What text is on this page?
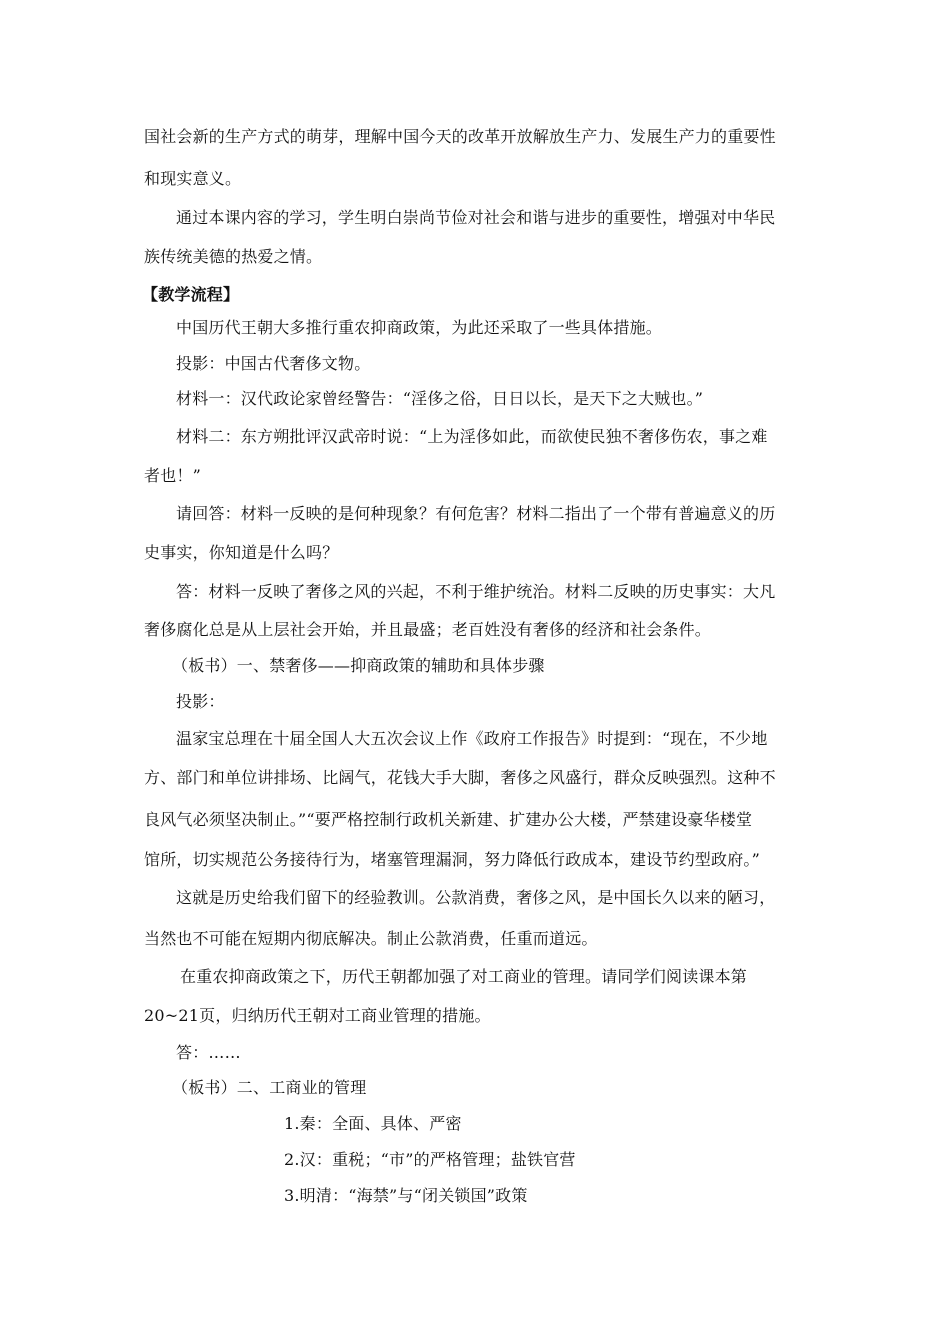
国社会新的生产方式的萌芽，理解中国今天的改革开放解放生产力、发展生产力的重要性
和现实意义。
通过本课内容的学习，学生明白崇尚节俭对社会和谐与进步的重要性，增强对中华民
族传统美德的热爱之情。
【教学流程】
中国历代王朝大多推行重农抑商政策，为此还采取了一些具体措施。
投影：中国古代奢侈文物。
材料一：汉代政论家曾经警告：“淫侈之俗，日日以长，是天下之大贼也。”
材料二：东方朔批评汉武帝时说：“上为淫侈如此，而欲使民独不奢侈伤农，事之难
者也！”
请回答：材料一反映的是何种现象？有何危害？材料二指出了一个带有普遍意义的历
史事实，你知道是什么吗？
答：材料一反映了奢侈之风的兴起，不利于维护统治。材料二反映的历史事实：大凡
奢侈腐化总是从上层社会开始，并且最盛；老百姓没有奢侈的经济和社会条件。
（板书）一、禁奢侈——抑商政策的辅助和具体步骤
投影：
温家宝总理在十届全国人大五次会议上作《政府工作报告》时提到：“现在，不少地
方、部门和单位讲排场、比阔气，花钱大手大脚，奢侈之风盛行，群众反映强烈。这种不
良风气必须坚决制止。”“要严格控制行政机关新建、扩建办公大楼，严禁建设豪华楼堂
馆所，切实规范公务接待行为，堵塞管理漏洞，努力降低行政成本，建设节约型政府。”
这就是历史给我们留下的经验教训。公款消费，奢侈之风，是中国长久以来的陋习，
当然也不可能在短期内彻底解决。制止公款消费，任重而道远。
在重农抑商政策之下，历代王朝都加强了对工商业的管理。请同学们阅读课本第
20~21页，归纳历代王朝对工商业管理的措施。
答：……
（板书）二、工商业的管理
1.秦：全面、具体、严密
2.汉：重税；“市”的严格管理；盐铁官营
3.明清：“海禁”与“闭关锁国”政策
